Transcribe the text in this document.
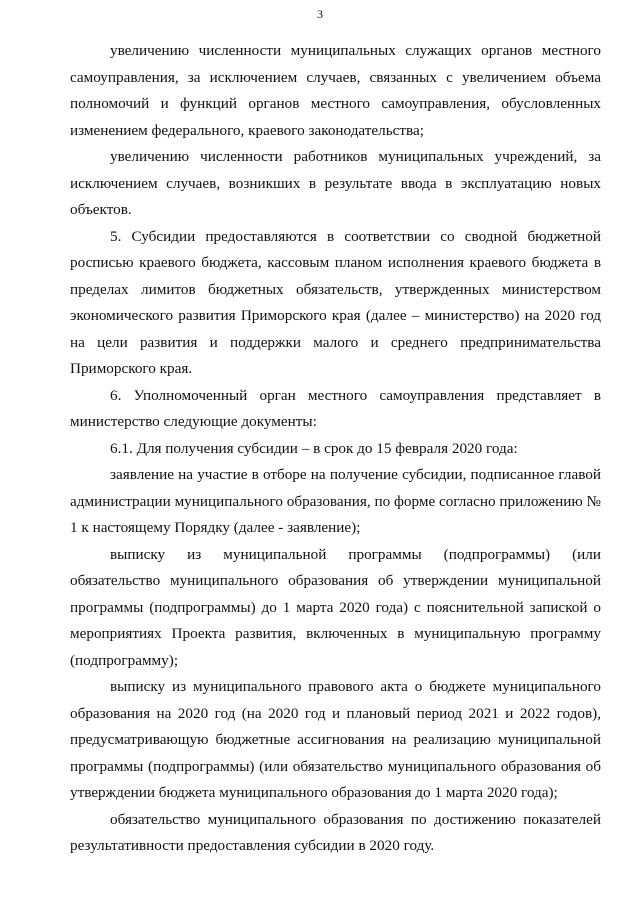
3

увеличению численности муниципальных служащих органов местного самоуправления, за исключением случаев, связанных с увеличением объема полномочий и функций органов местного самоуправления, обусловленных изменением федерального, краевого законодательства;

увеличению численности работников муниципальных учреждений, за исключением случаев, возникших в результате ввода в эксплуатацию новых объектов.

5. Субсидии предоставляются в соответствии со сводной бюджетной росписью краевого бюджета, кассовым планом исполнения краевого бюджета в пределах лимитов бюджетных обязательств, утвержденных министерством экономического развития Приморского края (далее – министерство) на 2020 год на цели развития и поддержки малого и среднего предпринимательства Приморского края.

6. Уполномоченный орган местного самоуправления представляет в министерство следующие документы:

6.1. Для получения субсидии – в срок до 15 февраля 2020 года:

заявление на участие в отборе на получение субсидии, подписанное главой администрации муниципального образования, по форме согласно приложению № 1 к настоящему Порядку (далее - заявление);

выписку из муниципальной программы (подпрограммы) (или обязательство муниципального образования об утверждении муниципальной программы (подпрограммы) до 1 марта 2020 года) с пояснительной запиской о мероприятиях Проекта развития, включенных в муниципальную программу (подпрограмму);

выписку из муниципального правового акта о бюджете муниципального образования на 2020 год (на 2020 год и плановый период 2021 и 2022 годов), предусматривающую бюджетные ассигнования на реализацию муниципальной программы (подпрограммы) (или обязательство муниципального образования об утверждении бюджета муниципального образования до 1 марта 2020 года);

обязательство муниципального образования по достижению показателей результативности предоставления субсидии в 2020 году.
